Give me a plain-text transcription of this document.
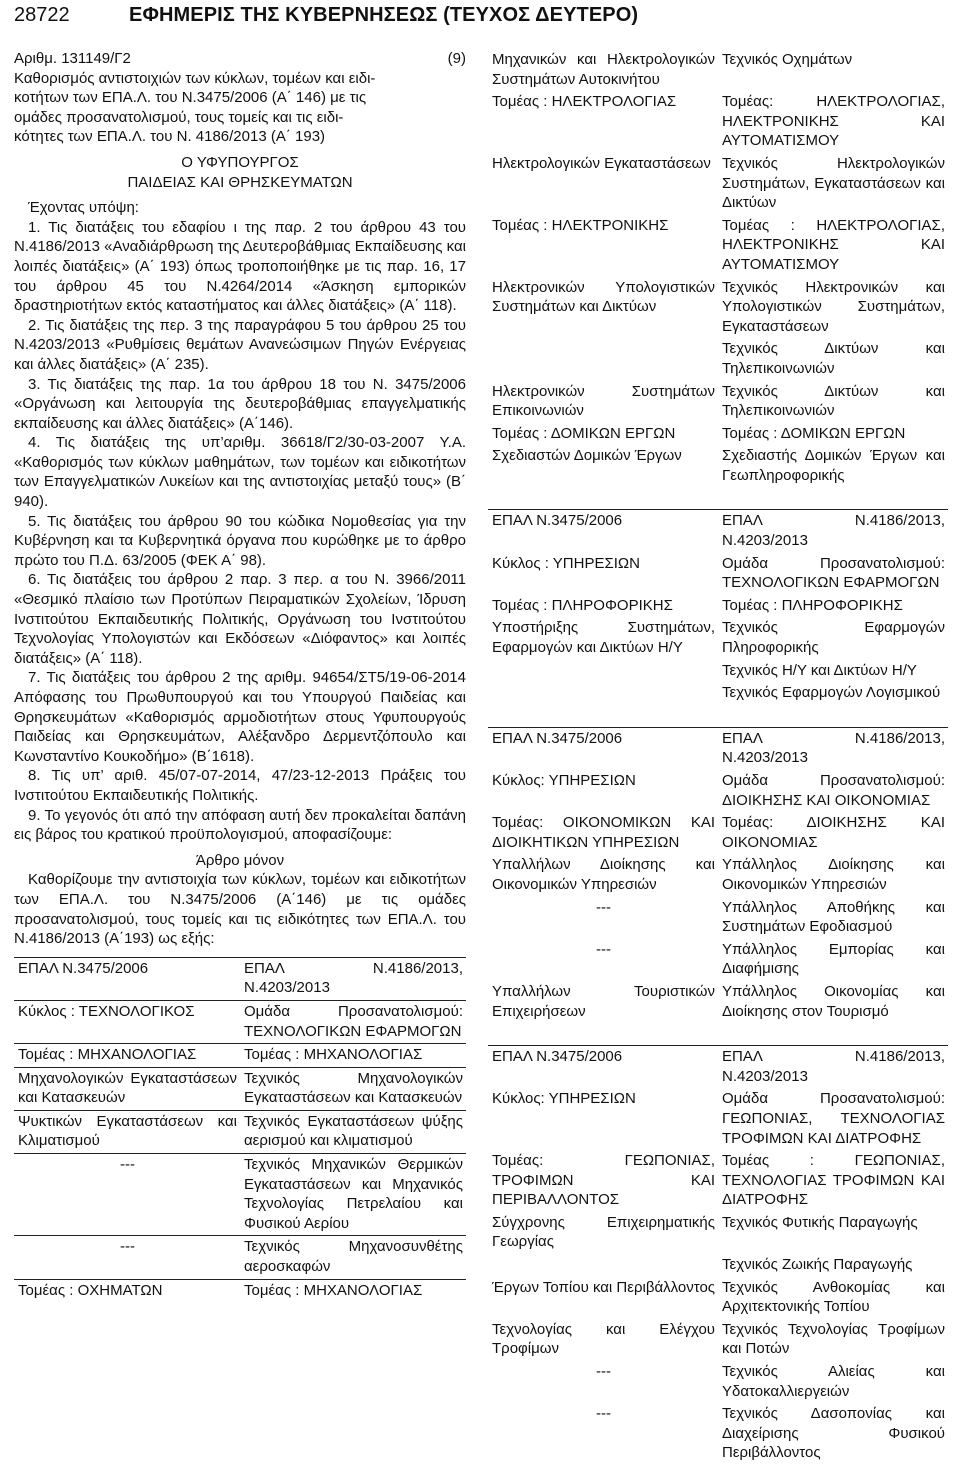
28722	ΕΦΗΜΕΡΙΣ ΤΗΣ ΚΥΒΕΡΝΗΣΕΩΣ (ΤΕΥΧΟΣ ΔΕΥΤΕΡΟ)
Αριθμ. 131149/Γ2	(9)
Καθορισμός αντιστοιχιών των κύκλων, τομέων και ειδι-
κοτήτων των ΕΠΑ.Λ. του Ν.3475/2006 (Α΄ 146) με τις
ομάδες προσανατολισμού, τους τομείς και τις ειδι-
κότητες των ΕΠΑ.Λ. του Ν. 4186/2013 (Α΄ 193)
Ο ΥΦΥΠΟΥΡΓΟΣ
ΠΑΙΔΕΙΑΣ ΚΑΙ ΘΡΗΣΚΕΥΜΑΤΩΝ

Έχοντας υπόψη:

1. Τις διατάξεις του εδαφίου ι της παρ. 2 του άρθρου 43 του Ν.4186/2013 «Αναδιάρθρωση της Δευτεροβάθμιας Εκπαίδευσης και λοιπές διατάξεις» (Α΄ 193) όπως τροποποιήθηκε με τις παρ. 16, 17 του άρθρου 45 του Ν.4264/2014 «Άσκηση εμπορικών δραστηριοτήτων εκτός καταστήματος και άλλες διατάξεις» (Α΄ 118).

2. Τις διατάξεις της περ. 3 της παραγράφου 5 του άρθρου 25 του Ν.4203/2013 «Ρυθμίσεις θεμάτων Ανανεώσιμων Πηγών Ενέργειας και άλλες διατάξεις» (Α΄ 235).

3. Τις διατάξεις της παρ. 1α του άρθρου 18 του Ν. 3475/2006 «Οργάνωση και λειτουργία της δευτεροβάθμιας επαγγελματικής εκπαίδευσης και άλλες διατάξεις» (Α΄146).

4. Τις διατάξεις της υπ’αριθμ. 36618/Γ2/30-03-2007 Υ.Α. «Καθορισμός των κύκλων μαθημάτων, των τομέων και ειδικοτήτων των Επαγγελματικών Λυκείων και της αντιστοιχίας μεταξύ τους» (Β΄ 940).

5. Τις διατάξεις του άρθρου 90 του κώδικα Νομοθεσίας για την Κυβέρνηση και τα Κυβερνητικά όργανα που κυρώθηκε με το άρθρο πρώτο του Π.Δ. 63/2005 (ΦΕΚ Α΄ 98).

6. Τις διατάξεις του άρθρου 2 παρ. 3 περ. α του Ν. 3966/2011 «Θεσμικό πλαίσιο των Προτύπων Πειραματικών Σχολείων, Ίδρυση Ινστιτούτου Εκπαιδευτικής Πολιτικής, Οργάνωση του Ινστιτούτου Τεχνολογίας Υπολογιστών και Εκδόσεων «Διόφαντος» και λοιπές διατάξεις» (Α΄ 118).

7. Τις διατάξεις του άρθρου 2 της αριθμ. 94654/ΣΤ5/19-06-2014 Απόφασης του Πρωθυπουργού και του Υπουργού Παιδείας και Θρησκευμάτων «Καθορισμός αρμοδιοτήτων στους Υφυπουργούς Παιδείας και Θρησκευμάτων, Αλέξανδρο Δερμεντζόπουλο και Κωνσταντίνο Κουκοδήμο» (Β΄1618).

8. Τις υπ’ αριθ. 45/07-07-2014, 47/23-12-2013 Πράξεις του Ινστιτούτου Εκπαιδευτικής Πολιτικής.

9. Το γεγονός ότι από την απόφαση αυτή δεν προκαλείται δαπάνη εις βάρος του κρατικού προϋπολογισμού, αποφασίζουμε:

Άρθρο μόνον

Καθορίζουμε την αντιστοιχία των κύκλων, τομέων και ειδικοτήτων των ΕΠΑ.Λ. του Ν.3475/2006 (Α΄146) με τις ομάδες προσανατολισμού, τους τομείς και τις ειδικότητες των ΕΠΑ.Λ. του Ν.4186/2013 (Α΄193) ως εξής:

ΕΠΑΛ Ν.3475/2006	ΕΠΑΛ Ν.4186/2013, Ν.4203/2013
Κύκλος : ΤΕΧΝΟΛΟΓΙΚΟΣ	Ομάδα Προσανατολισμού: ΤΕΧΝΟΛΟΓΙΚΩΝ ΕΦΑΡΜΟΓΩΝ
Τομέας : ΜΗΧΑΝΟΛΟΓΙΑΣ	Τομέας : ΜΗΧΑΝΟΛΟΓΙΑΣ
Μηχανολογικών Εγκαταστάσεων και Κατασκευών	Τεχνικός Μηχανολογικών Εγκαταστάσεων και Κατασκευών
Ψυκτικών Εγκαταστάσεων και Κλιματισμού	Τεχνικός Εγκαταστάσεων ψύξης αερισμού και κλιματισμού
---	Τεχνικός Μηχανικών Θερμικών Εγκαταστάσεων και Μηχανικός Τεχνολογίας Πετρελαίου και Φυσικού Αερίου
---	Τεχνικός Μηχανοσυνθέτης αεροσκαφών
Τομέας : ΟΧΗΜΑΤΩΝ	Τομέας : ΜΗΧΑΝΟΛΟΓΙΑΣ
Μηχανικών και Ηλεκτρολογικών Συστημάτων Αυτοκινήτου	Τεχνικός Οχημάτων
Τομέας : ΗΛΕΚΤΡΟΛΟΓΙΑΣ	Τομέας: ΗΛΕΚΤΡΟΛΟΓΙΑΣ, ΗΛΕΚΤΡΟΝΙΚΗΣ ΚΑΙ ΑΥΤΟΜΑΤΙΣΜΟΥ
Ηλεκτρολογικών Εγκαταστάσεων	Τεχνικός Ηλεκτρολογικών Συστημάτων, Εγκαταστάσεων και Δικτύων
Τομέας : ΗΛΕΚΤΡΟΝΙΚΗΣ	Τομέας : ΗΛΕΚΤΡΟΛΟΓΙΑΣ, ΗΛΕΚΤΡΟΝΙΚΗΣ ΚΑΙ ΑΥΤΟΜΑΤΙΣΜΟΥ
Ηλεκτρονικών Υπολογιστικών Συστημάτων και Δικτύων	Τεχνικός Ηλεκτρονικών και Υπολογιστικών Συστημάτων, Εγκαταστάσεων
	Τεχνικός Δικτύων και Τηλεπικοινωνιών
Ηλεκτρονικών Συστημάτων Επικοινωνιών	Τεχνικός Δικτύων και Τηλεπικοινωνιών
Τομέας : ΔΟΜΙΚΩΝ ΕΡΓΩΝ	Τομέας : ΔΟΜΙΚΩΝ ΕΡΓΩΝ
Σχεδιαστών Δομικών Έργων	Σχεδιαστής Δομικών Έργων και Γεωπληροφορικής
ΕΠΑΛ Ν.3475/2006	ΕΠΑΛ Ν.4186/2013, Ν.4203/2013
Κύκλος : ΥΠΗΡΕΣΙΩΝ	Ομάδα Προσανατολισμού: ΤΕΧΝΟΛΟΓΙΚΩΝ ΕΦΑΡΜΟΓΩΝ
Τομέας : ΠΛΗΡΟΦΟΡΙΚΗΣ	Τομέας : ΠΛΗΡΟΦΟΡΙΚΗΣ
Υποστήριξης Συστημάτων, Εφαρμογών και Δικτύων Η/Υ	Τεχνικός Εφαρμογών Πληροφορικής
	Τεχνικός Η/Υ και Δικτύων Η/Υ
	Τεχνικός Εφαρμογών Λογισμικού
ΕΠΑΛ Ν.3475/2006	ΕΠΑΛ Ν.4186/2013, Ν.4203/2013
Κύκλος: ΥΠΗΡΕΣΙΩΝ	Ομάδα Προσανατολισμού: ΔΙΟΙΚΗΣΗΣ ΚΑΙ ΟΙΚΟΝΟΜΙΑΣ
Τομέας: ΟΙΚΟΝΟΜΙΚΩΝ ΚΑΙ ΔΙΟΙΚΗΤΙΚΩΝ ΥΠΗΡΕΣΙΩΝ	Τομέας: ΔΙΟΙΚΗΣΗΣ ΚΑΙ ΟΙΚΟΝΟΜΙΑΣ
Υπαλλήλων Διοίκησης και Οικονομικών Υπηρεσιών	Υπάλληλος Διοίκησης και Οικονομικών Υπηρεσιών
---	Υπάλληλος Αποθήκης και Συστημάτων Εφοδιασμού
---	Υπάλληλος Εμπορίας και Διαφήμισης
Υπαλλήλων Τουριστικών Επιχειρήσεων	Υπάλληλος Οικονομίας και Διοίκησης στον Τουρισμό
ΕΠΑΛ Ν.3475/2006	ΕΠΑΛ Ν.4186/2013, Ν.4203/2013
Κύκλος: ΥΠΗΡΕΣΙΩΝ	Ομάδα Προσανατολισμού: ΓΕΩΠΟΝΙΑΣ, ΤΕΧΝΟΛΟΓΙΑΣ ΤΡΟΦΙΜΩΝ ΚΑΙ ΔΙΑΤΡΟΦΗΣ
Τομέας: ΓΕΩΠΟΝΙΑΣ, ΤΡΟΦΙΜΩΝ ΚΑΙ ΠΕΡΙΒΑΛΛΟΝΤΟΣ	Τομέας : ΓΕΩΠΟΝΙΑΣ, ΤΕΧΝΟΛΟΓΙΑΣ ΤΡΟΦΙΜΩΝ ΚΑΙ ΔΙΑΤΡΟΦΗΣ
Σύγχρονης Επιχειρηματικής Γεωργίας	Τεχνικός Φυτικής Παραγωγής
	Τεχνικός Ζωικής Παραγωγής
Έργων Τοπίου και Περιβάλλοντος	Τεχνικός Ανθοκομίας και Αρχιτεκτονικής Τοπίου
Τεχνολογίας και Ελέγχου Τροφίμων	Τεχνικός Τεχνολογίας Τροφίμων και Ποτών
---	Τεχνικός Αλιείας και Υδατοκαλλιεργειών
---	Τεχνικός Δασοπονίας και Διαχείρισης Φυσικού Περιβάλλοντος
